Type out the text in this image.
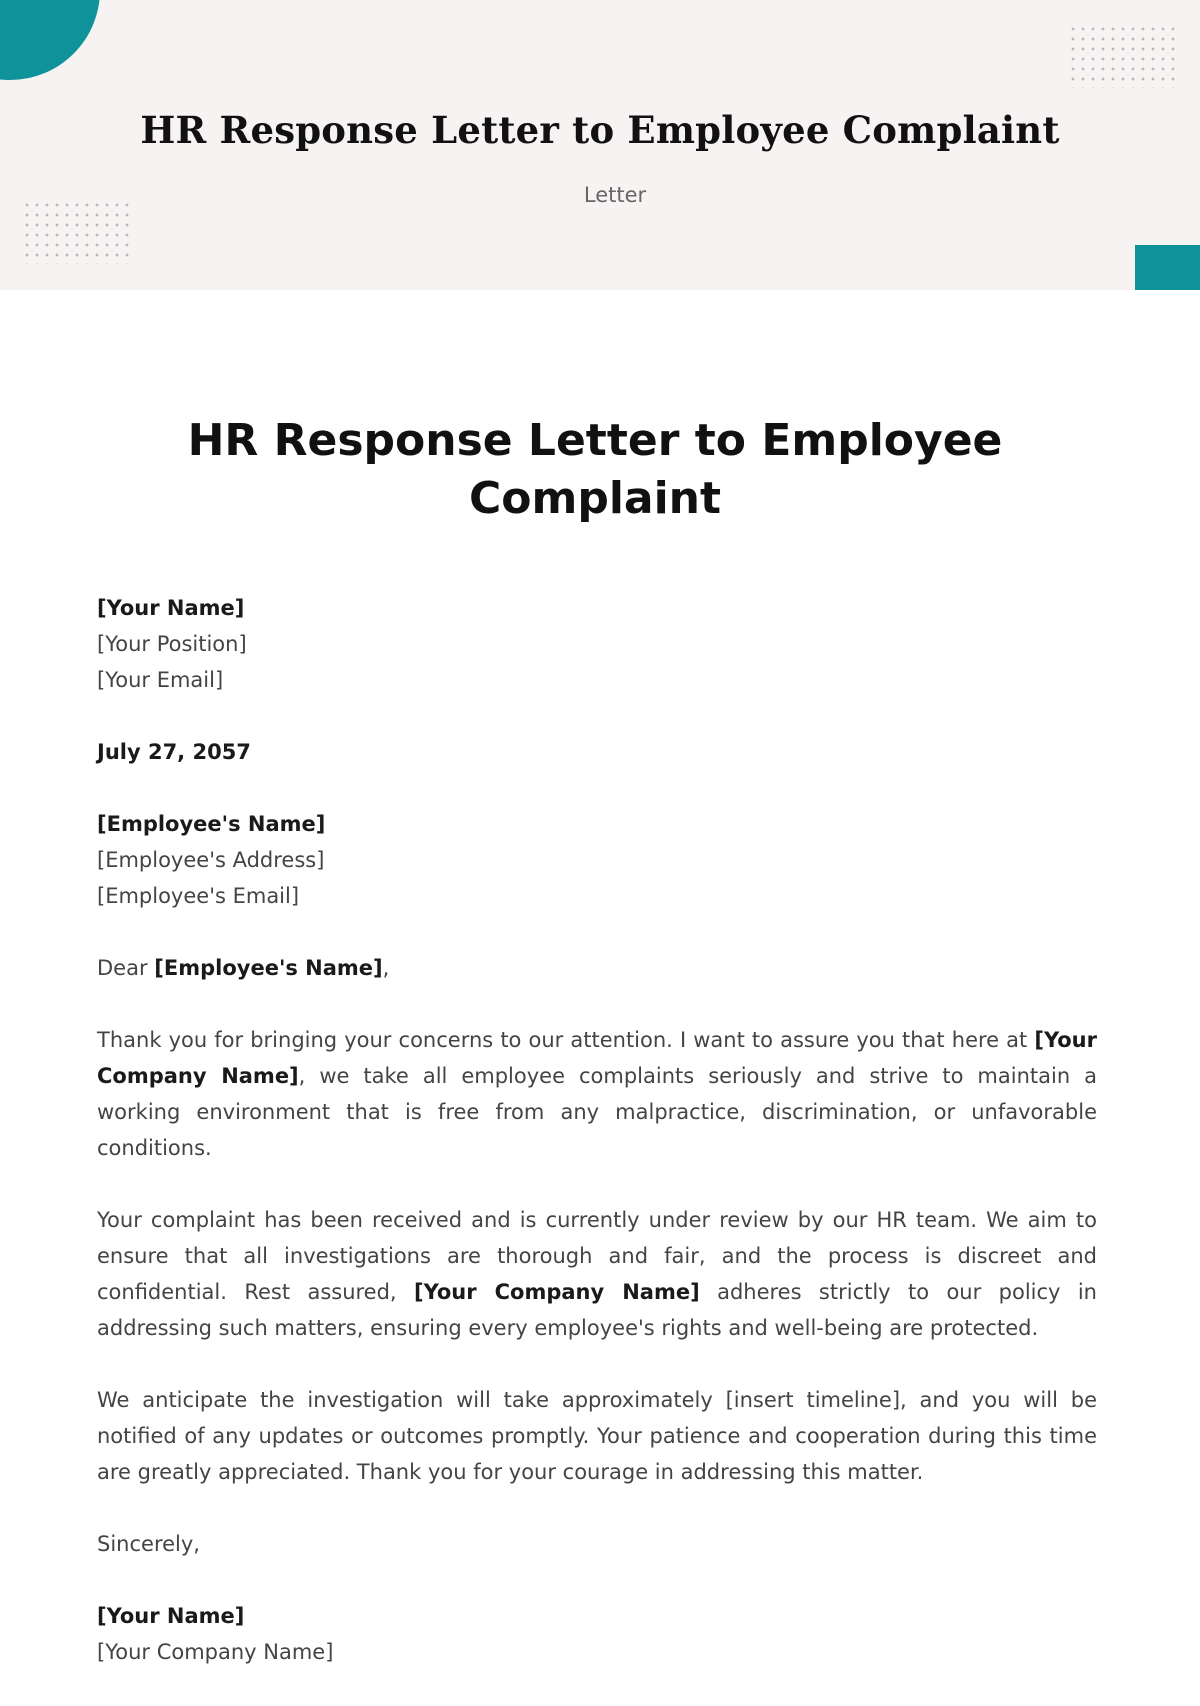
HR Response Letter to Employee Complaint
Letter
HR Response Letter to Employee
Complaint
[Your Name]
[Your Position]
[Your Email]
July 27, 2057
[Employee's Name]
[Employee's Address]
[Employee's Email]
Dear [Employee's Name],
Thank you for bringing your concerns to our attention. I want to assure you that here at [Your Company Name], we take all employee complaints seriously and strive to maintain a working environment that is free from any malpractice, discrimination, or unfavorable conditions.
Your complaint has been received and is currently under review by our HR team. We aim to ensure that all investigations are thorough and fair, and the process is discreet and confidential. Rest assured, [Your Company Name] adheres strictly to our policy in addressing such matters, ensuring every employee's rights and well-being are protected.
We anticipate the investigation will take approximately [insert timeline], and you will be notified of any updates or outcomes promptly. Your patience and cooperation during this time are greatly appreciated. Thank you for your courage in addressing this matter.
Sincerely,
[Your Name]
[Your Company Name]
